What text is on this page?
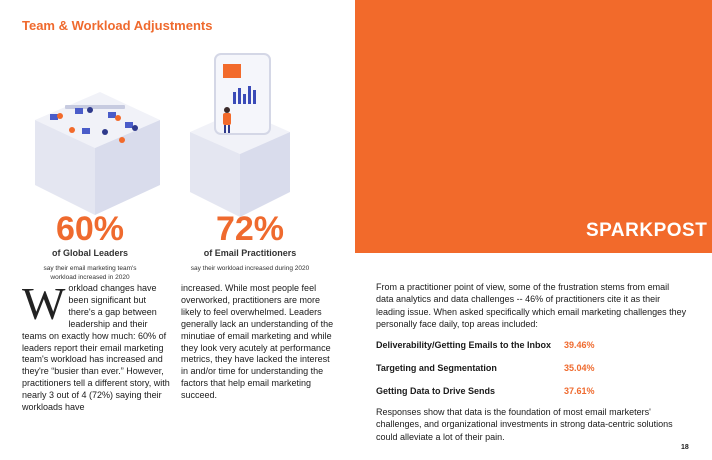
Team & Workload Adjustments
SPARKPOST
60%
of Global Leaders
say their email marketing team's
workload increased in 2020
72%
of Email Practitioners
say their workload increased during 2020
Workload changes have been significant but there's a gap between leadership and their teams on exactly how much: 60% of leaders report their email marketing team's workload has increased and they're “busier than ever.” However, practitioners tell a different story, with nearly 3 out of 4 (72%) saying their workloads have
increased. While most people feel overworked, practitioners are more likely to feel overwhelmed. Leaders generally lack an understanding of the minutiae of email marketing and while they look very acutely at performance metrics, they have lacked the interest in and/or time for understanding the factors that help email marketing succeed.
From a practitioner point of view, some of the frustration stems from email data analytics and data challenges -- 46% of practitioners cite it as their leading issue. When asked specifically which email marketing challenges they personally face daily, top areas included:
Deliverability/Getting Emails to the Inbox 39.46%
Targeting and Segmentation	35.04%
Getting Data to Drive Sends	37.61%
Responses show that data is the foundation of most email marketers' challenges, and organizational investments in strong data-centric solutions could alleviate a lot of their pain.
18
